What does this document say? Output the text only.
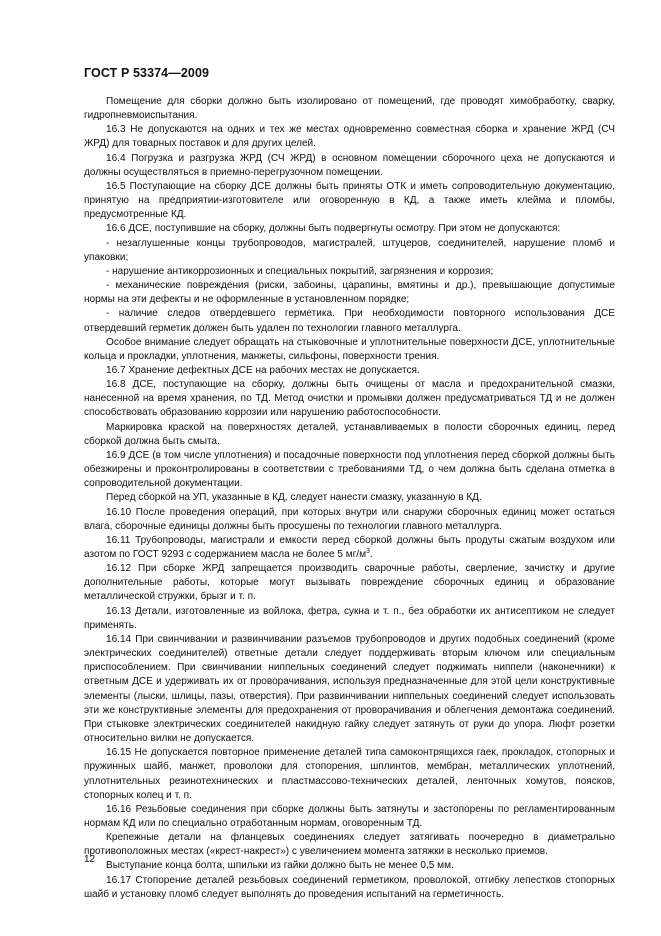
ГОСТ Р 53374—2009

Помещение для сборки должно быть изолировано от помещений, где проводят химобработку, сварку, гидропневмоиспытания.

16.3 Не допускаются на одних и тех же местах одновременно совместная сборка и хранение ЖРД (СЧ ЖРД) для товарных поставок и для других целей.

16.4 Погрузка и разгрузка ЖРД (СЧ ЖРД) в основном помещении сборочного цеха не допускаются и должны осуществляться в приемно-перегрузочном помещении.

16.5 Поступающие на сборку ДСЕ должны быть приняты ОТК и иметь сопроводительную документацию, принятую на предприятии-изготовителе или оговоренную в КД, а также иметь клейма и пломбы, предусмотренные КД.

16.6 ДСЕ, поступившие на сборку, должны быть подвергнуты осмотру. При этом не допускаются:

- незаглушенные концы трубопроводов, магистралей, штуцеров, соединителей, нарушение пломб и упаковки;

- нарушение антикоррозионных и специальных покрытий, загрязнения и коррозия;

- механические повреждения (риски, забоины, царапины, вмятины и др.), превышающие допустимые нормы на эти дефекты и не оформленные в установленном порядке;

- наличие следов отвердевшего герметика. При необходимости повторного использования ДСЕ отвердевший герметик должен быть удален по технологии главного металлурга.

Особое внимание следует обращать на стыковочные и уплотнительные поверхности ДСЕ, уплотнительные кольца и прокладки, уплотнения, манжеты, сильфоны, поверхности трения.

16.7 Хранение дефектных ДСЕ на рабочих местах не допускается.

16.8 ДСЕ, поступающие на сборку, должны быть очищены от масла и предохранительной смазки, нанесенной на время хранения, по ТД. Метод очистки и промывки должен предусматриваться ТД и не должен способствовать образованию коррозии или нарушению работоспособности.

Маркировка краской на поверхностях деталей, устанавливаемых в полости сборочных единиц, перед сборкой должна быть смыта.

16.9 ДСЕ (в том числе уплотнения) и посадочные поверхности под уплотнения перед сборкой должны быть обезжирены и проконтролированы в соответствии с требованиями ТД, о чем должна быть сделана отметка в сопроводительной документации.

Перед сборкой на УП, указанные в КД, следует нанести смазку, указанную в КД.

16.10 После проведения операций, при которых внутри или снаружи сборочных единиц может остаться влага, сборочные единицы должны быть просушены по технологии главного металлурга.

16.11 Трубопроводы, магистрали и емкости перед сборкой должны быть продуты сжатым воздухом или азотом по ГОСТ 9293 с содержанием масла не более 5 $мг/м^3$.

16.12 При сборке ЖРД запрещается производить сварочные работы, сверление, зачистку и другие дополнительные работы, которые могут вызывать повреждение сборочных единиц и образование металлической стружки, брызг и т. п.

16.13 Детали, изготовленные из войлока, фетра, сукна и т. п., без обработки их антисептиком не следует применять.

16.14 При свинчивании и развинчивании разъемов трубопроводов и других подобных соединений (кроме электрических соединителей) ответные детали следует поддерживать вторым ключом или специальным приспособлением. При свинчивании ниппельных соединений следует поджимать ниппели (наконечники) к ответным ДСЕ и удерживать их от проворачивания, используя предназначенные для этой цели конструктивные элементы (лыски, шлицы, пазы, отверстия). При развинчивании ниппельных соединений следует использовать эти же конструктивные элементы для предохранения от проворачивания и облегчения демонтажа соединений. При стыковке электрических соединителей накидную гайку следует затянуть от руки до упора. Люфт розетки относительно вилки не допускается.

16.15 Не допускается повторное применение деталей типа самоконтрящихся гаек, прокладок, стопорных и пружинных шайб, манжет, проволоки для стопорения, шплинтов, мембран, металлических уплотнений, уплотнительных резинотехнических и пластмассово-технических деталей, ленточных хомутов, поясков, стопорных колец и т. п.

16.16 Резьбовые соединения при сборке должны быть затянуты и застопорены по регламентированным нормам КД или по специально отработанным нормам, оговоренным ТД.

Крепежные детали на фланцевых соединениях следует затягивать поочередно в диаметрально противоположных местах («крест-накрест») с увеличением момента затяжки в несколько приемов.

Выступание конца болта, шпильки из гайки должно быть не менее 0,5 мм.

16.17 Стопорение деталей резьбовых соединений герметиком, проволокой, отгибку лепестков стопорных шайб и установку пломб следует выполнять до проведения испытаний на герметичность.

12
